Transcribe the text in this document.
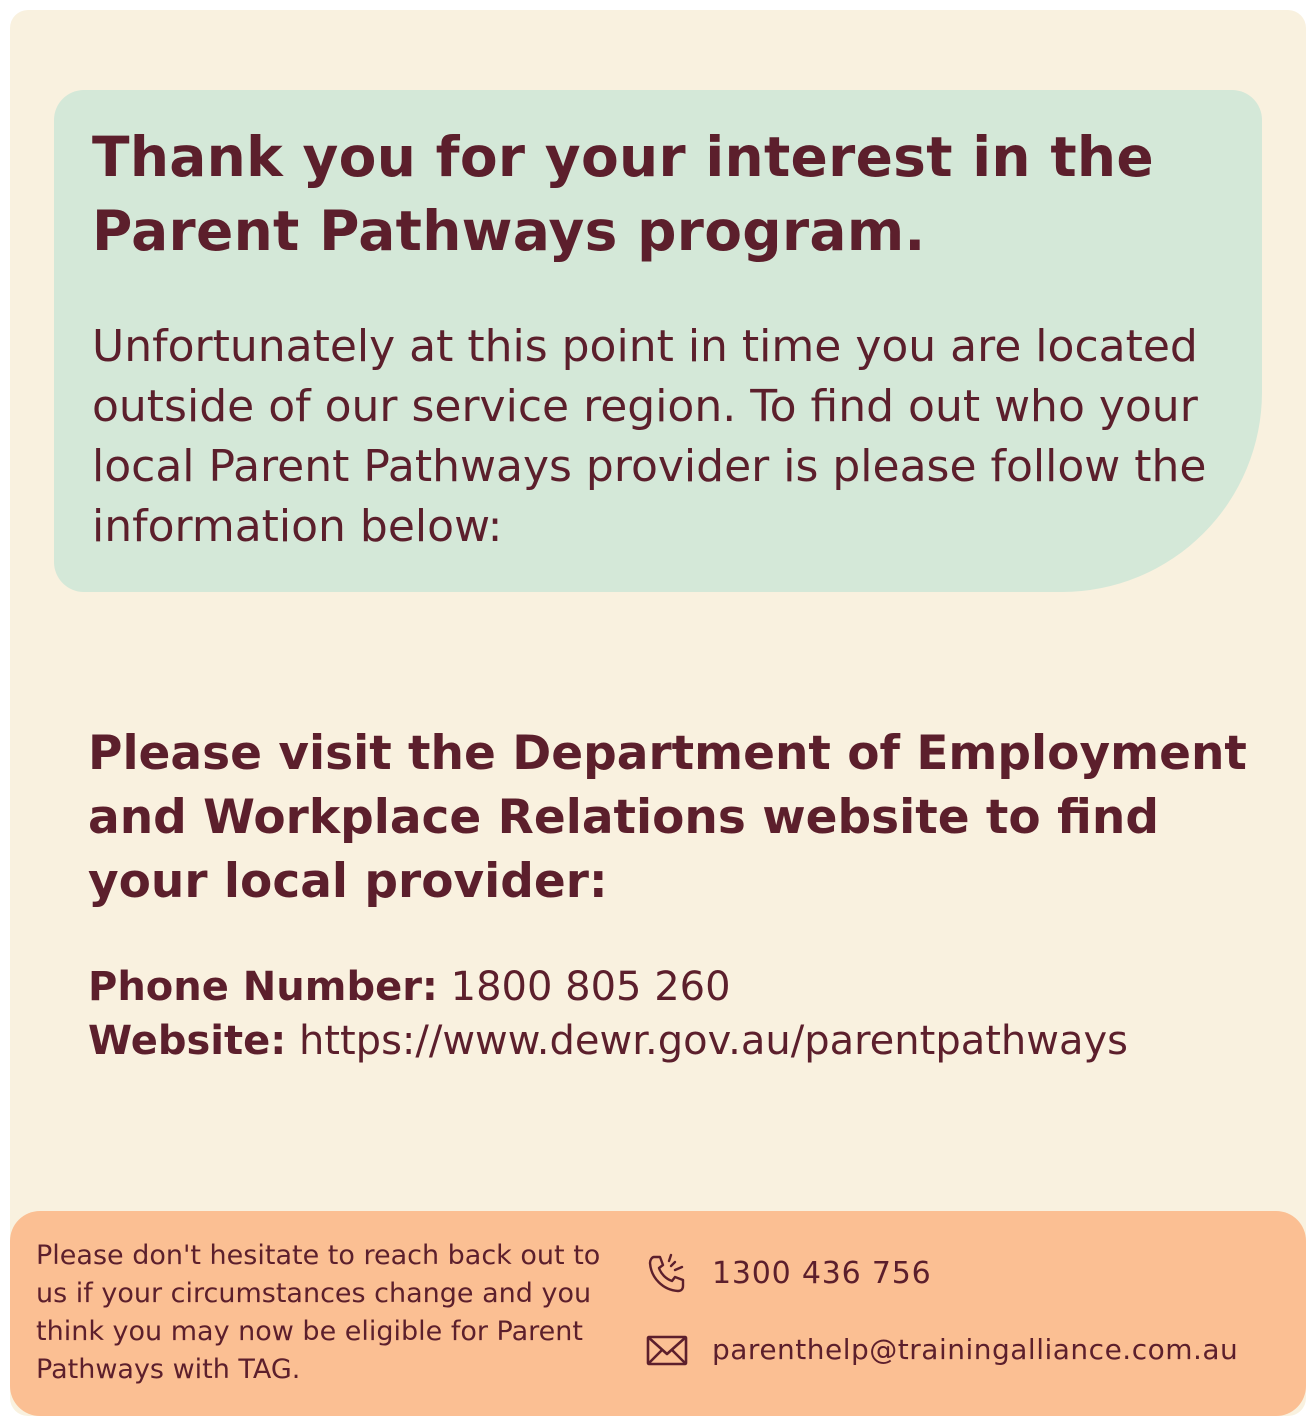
Thank you for your interest in the Parent Pathways program.

Unfortunately at this point in time you are located outside of our service region. To find out who your local Parent Pathways provider is please follow the information below:

Please visit the Department of Employment and Workplace Relations website to find your local provider:
Phone Number: 1800 805 260
Website: https://www.dewr.gov.au/parentpathways

Please don't hesitate to reach back out to us if your circumstances change and you think you may now be eligible for Parent Pathways with TAG.

1300 436 756
parenthelp@trainingalliance.com.au
